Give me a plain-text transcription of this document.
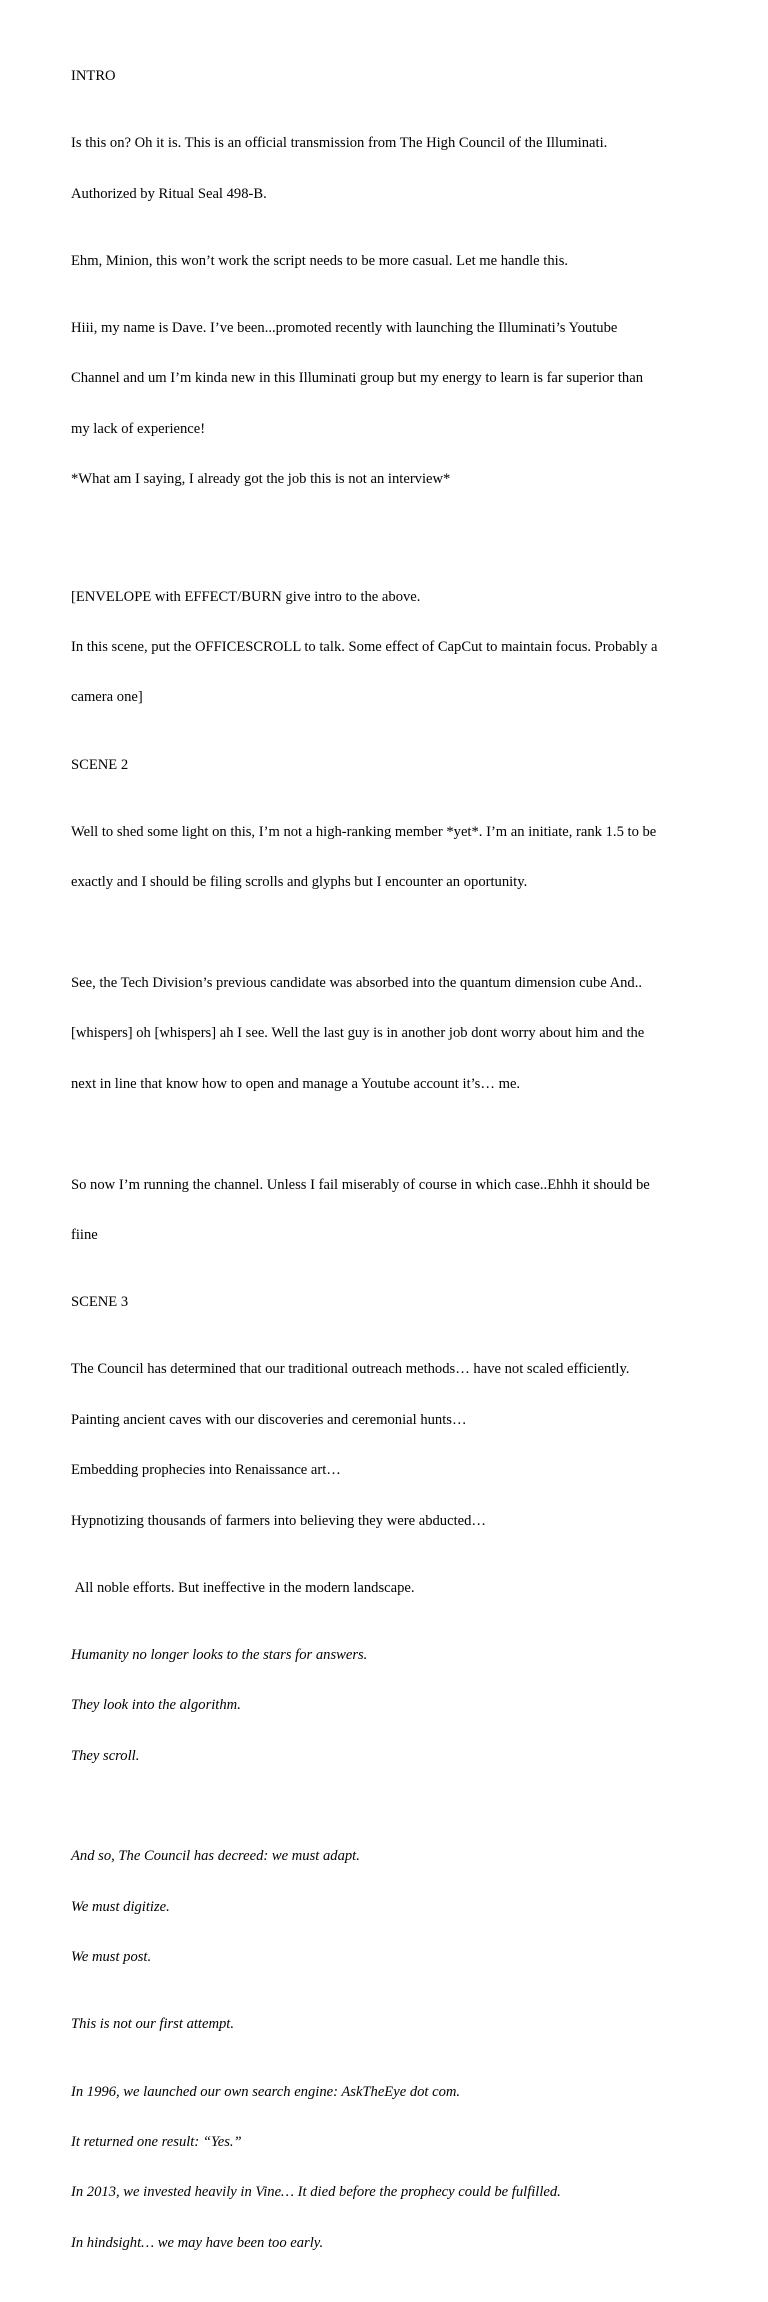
INTRO

Is this on? Oh it is. This is an official transmission from The High Council of the Illuminati.

Authorized by Ritual Seal 498-B.

Ehm, Minion, this won’t work the script needs to be more casual. Let me handle this.

Hiii, my name is Dave. I’ve been...promoted recently with launching the Illuminati’s Youtube

Channel and um I’m kinda new in this Illuminati group but my energy to learn is far superior than

my lack of experience!

*What am I saying, I already got the job this is not an interview*

[ENVELOPE with EFFECT/BURN give intro to the above.

In this scene, put the OFFICESCROLL to talk. Some effect of CapCut to maintain focus. Probably a

camera one]

SCENE 2

Well to shed some light on this, I’m not a high-ranking member *yet*. I’m an initiate, rank 1.5 to be

exactly and I should be filing scrolls and glyphs but I encounter an oportunity.

See, the Tech Division’s previous candidate was absorbed into the quantum dimension cube And..

[whispers] oh [whispers] ah I see. Well the last guy is in another job dont worry about him and the

next in line that know how to open and manage a Youtube account it’s… me.

So now I’m running the channel. Unless I fail miserably of course in which case..Ehhh it should be

fiine

SCENE 3

The Council has determined that our traditional outreach methods… have not scaled efficiently.

Painting ancient caves with our discoveries and ceremonial hunts…

Embedding prophecies into Renaissance art…

Hypnotizing thousands of farmers into believing they were abducted…

All noble efforts. But ineffective in the modern landscape.

Humanity no longer looks to the stars for answers.

They look into the algorithm.

They scroll.

And so, The Council has decreed: we must adapt.

We must digitize.

We must post.

This is not our first attempt.

In 1996, we launched our own search engine: AskTheEye dot com.

It returned one result: “Yes.”

In 2013, we invested heavily in Vine… It died before the prophecy could be fulfilled.

In hindsight… we may have been too early.
